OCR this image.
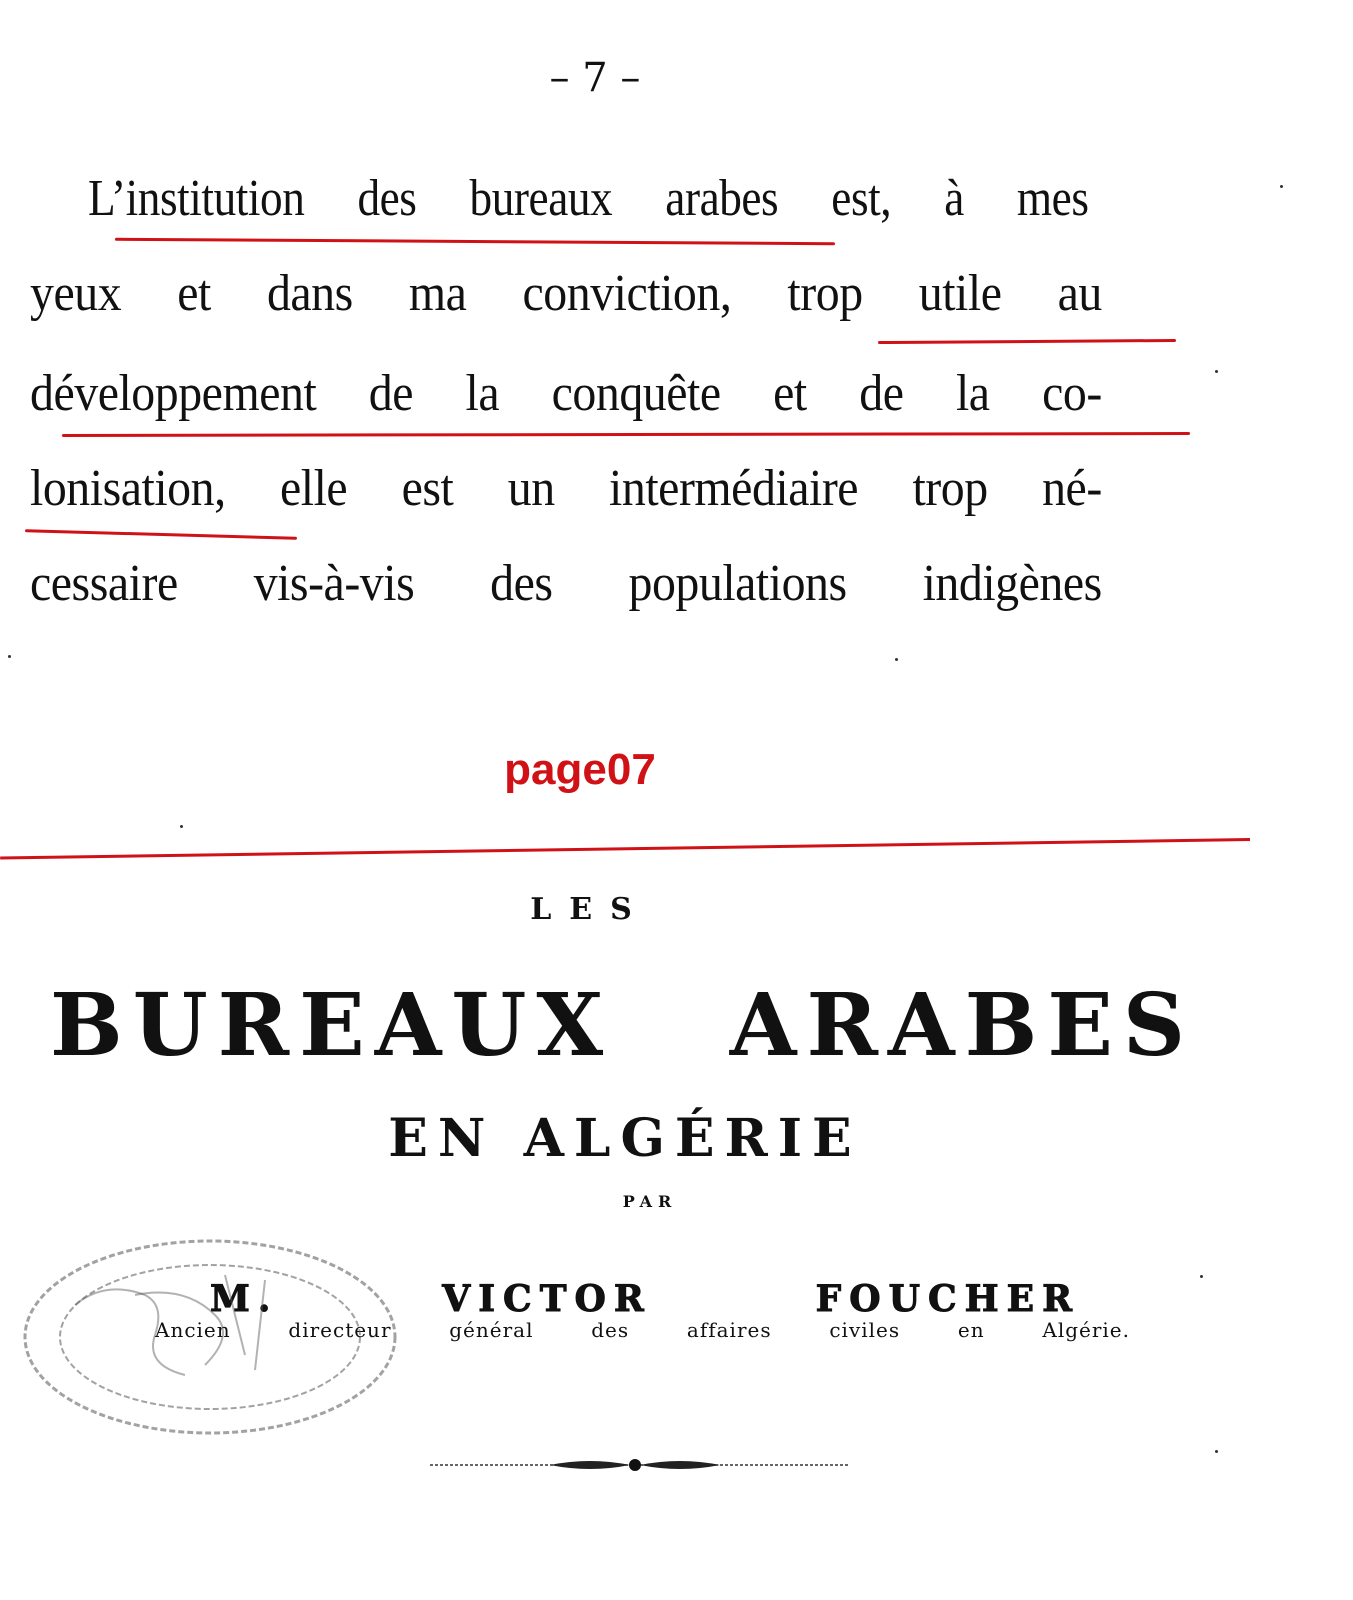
– 7 –
L’institution des bureaux arabes est, à mes
yeux et dans ma conviction, trop utile au
développement de la conquête et de la co-
lonisation, elle est un intermédiaire trop né-
cessaire vis-à-vis des populations indigènes
page07
LES
BUREAUX ARABES
EN ALGÉRIE
PAR
M. VICTOR FOUCHER
Ancien directeur général des affaires civiles en Algérie.
